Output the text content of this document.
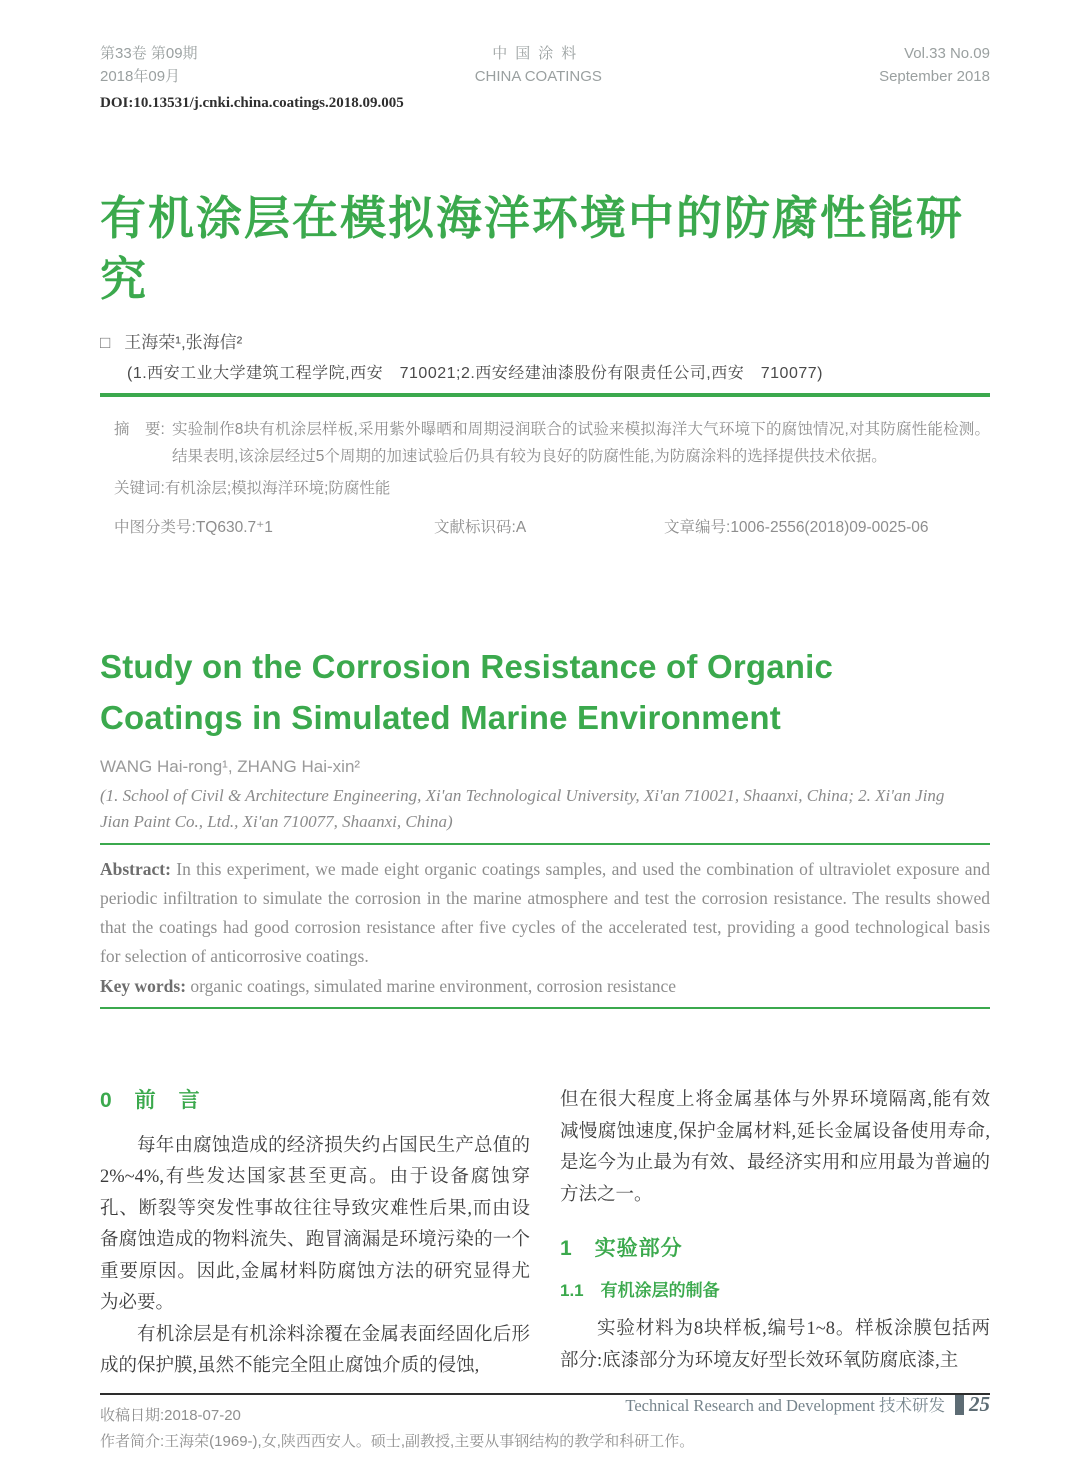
第33卷 第09期
2018年09月
中国涂料
CHINA COATINGS
Vol.33 No.09
September 2018
DOI:10.13531/j.cnki.china.coatings.2018.09.005
有机涂层在模拟海洋环境中的防腐性能研究
□ 王海荣¹,张海信²
(1.西安工业大学建筑工程学院,西安　710021;2.西安经建油漆股份有限责任公司,西安　710077)
摘　要: 实验制作8块有机涂层样板,采用紫外曝晒和周期浸润联合的试验来模拟海洋大气环境下的腐蚀情况,对其防腐性能检测。结果表明,该涂层经过5个周期的加速试验后仍具有较为良好的防腐性能,为防腐涂料的选择提供技术依据。
关键词:有机涂层;模拟海洋环境;防腐性能
中图分类号:TQ630.7⁺1	文献标识码:A	文章编号:1006-2556(2018)09-0025-06
Study on the Corrosion Resistance of Organic Coatings in Simulated Marine Environment
WANG Hai-rong¹, ZHANG Hai-xin²
(1. School of Civil & Architecture Engineering, Xi'an Technological University, Xi'an 710021, Shaanxi, China; 2. Xi'an Jing Jian Paint Co., Ltd., Xi'an 710077, Shaanxi, China)
Abstract: In this experiment, we made eight organic coatings samples, and used the combination of ultraviolet exposure and periodic infiltration to simulate the corrosion in the marine atmosphere and test the corrosion resistance. The results showed that the coatings had good corrosion resistance after five cycles of the accelerated test, providing a good technological basis for selection of anticorrosive coatings.
Key words: organic coatings, simulated marine environment, corrosion resistance
0　前　言

每年由腐蚀造成的经济损失约占国民生产总值的2%~4%,有些发达国家甚至更高。由于设备腐蚀穿孔、断裂等突发性事故往往导致灾难性后果,而由设备腐蚀造成的物料流失、跑冒滴漏是环境污染的一个重要原因。因此,金属材料防腐蚀方法的研究显得尤为必要。

有机涂层是有机涂料涂覆在金属表面经固化后形成的保护膜,虽然不能完全阻止腐蚀介质的侵蚀,

但在很大程度上将金属基体与外界环境隔离,能有效减慢腐蚀速度,保护金属材料,延长金属设备使用寿命,是迄今为止最为有效、最经济实用和应用最为普遍的方法之一。

1　实验部分
1.1　有机涂层的制备

实验材料为8块样板,编号1~8。样板涂膜包括两部分:底漆部分为环境友好型长效环氧防腐底漆,主

收稿日期:2018-07-20
作者简介:王海荣(1969-),女,陕西西安人。硕士,副教授,主要从事钢结构的教学和科研工作。
Technical Research and Development 技术研发 25
